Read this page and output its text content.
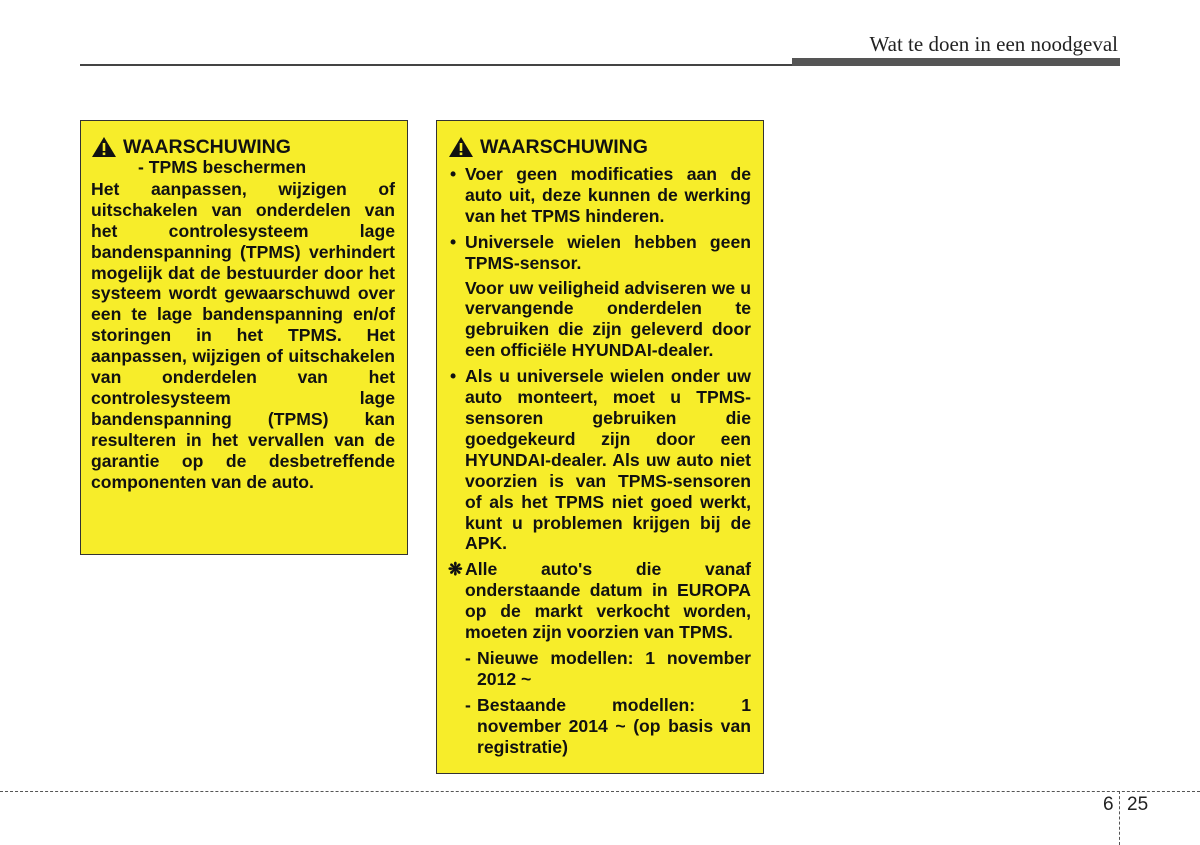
Wat te doen in een noodgeval
WAARSCHUWING
- TPMS beschermen
Het aanpassen, wijzigen of uitschakelen van onderdelen van het controlesysteem lage bandenspanning (TPMS) verhindert mogelijk dat de bestuurder door het systeem wordt gewaarschuwd over een te lage bandenspanning en/of storingen in het TPMS. Het aanpassen, wijzigen of uitschakelen van onderdelen van het controlesysteem lage bandenspanning (TPMS) kan resulteren in het vervallen van de garantie op de desbetreffende componenten van de auto.
WAARSCHUWING
• Voer geen modificaties aan de auto uit, deze kunnen de werking van het TPMS hinderen.
• Universele wielen hebben geen TPMS-sensor.
Voor uw veiligheid adviseren we u vervangende onderdelen te gebruiken die zijn geleverd door een officiële HYUNDAI-dealer.
• Als u universele wielen onder uw auto monteert, moet u TPMS-sensoren gebruiken die goedgekeurd zijn door een HYUNDAI-dealer. Als uw auto niet voorzien is van TPMS-sensoren of als het TPMS niet goed werkt, kunt u problemen krijgen bij de APK.
❋ Alle auto's die vanaf onderstaande datum in EUROPA op de markt verkocht worden, moeten zijn voorzien van TPMS.
- Nieuwe modellen: 1 november 2012 ~
- Bestaande modellen: 1 november 2014 ~ (op basis van registratie)
6 25
